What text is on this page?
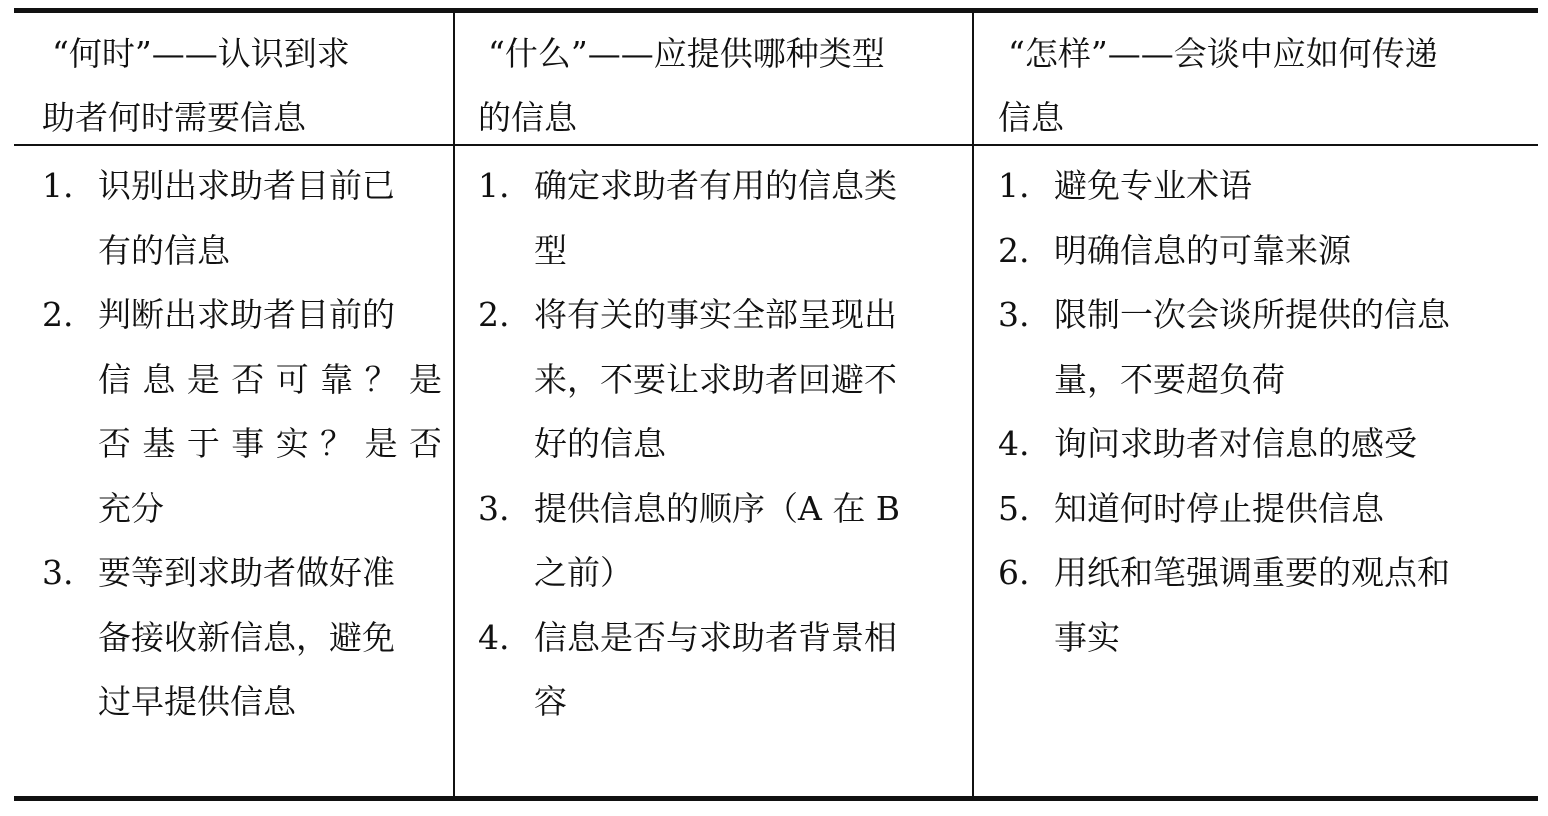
“何时”——认识到求
助者何时需要信息
“什么”——应提供哪种类型
的信息
“怎样”——会谈中应如何传递
信息
1. 识别出求助者目前已
有的信息
2. 判断出求助者目前的
信息是否可靠？是
否基于事实？是否
充分
3. 要等到求助者做好准
备接收新信息，避免
过早提供信息
1. 确定求助者有用的信息类
型
2. 将有关的事实全部呈现出
来，不要让求助者回避不
好的信息
3. 提供信息的顺序（A 在 B
之前）
4. 信息是否与求助者背景相
容
1. 避免专业术语
2. 明确信息的可靠来源
3. 限制一次会谈所提供的信息
量，不要超负荷
4. 询问求助者对信息的感受
5. 知道何时停止提供信息
6. 用纸和笔强调重要的观点和
事实
